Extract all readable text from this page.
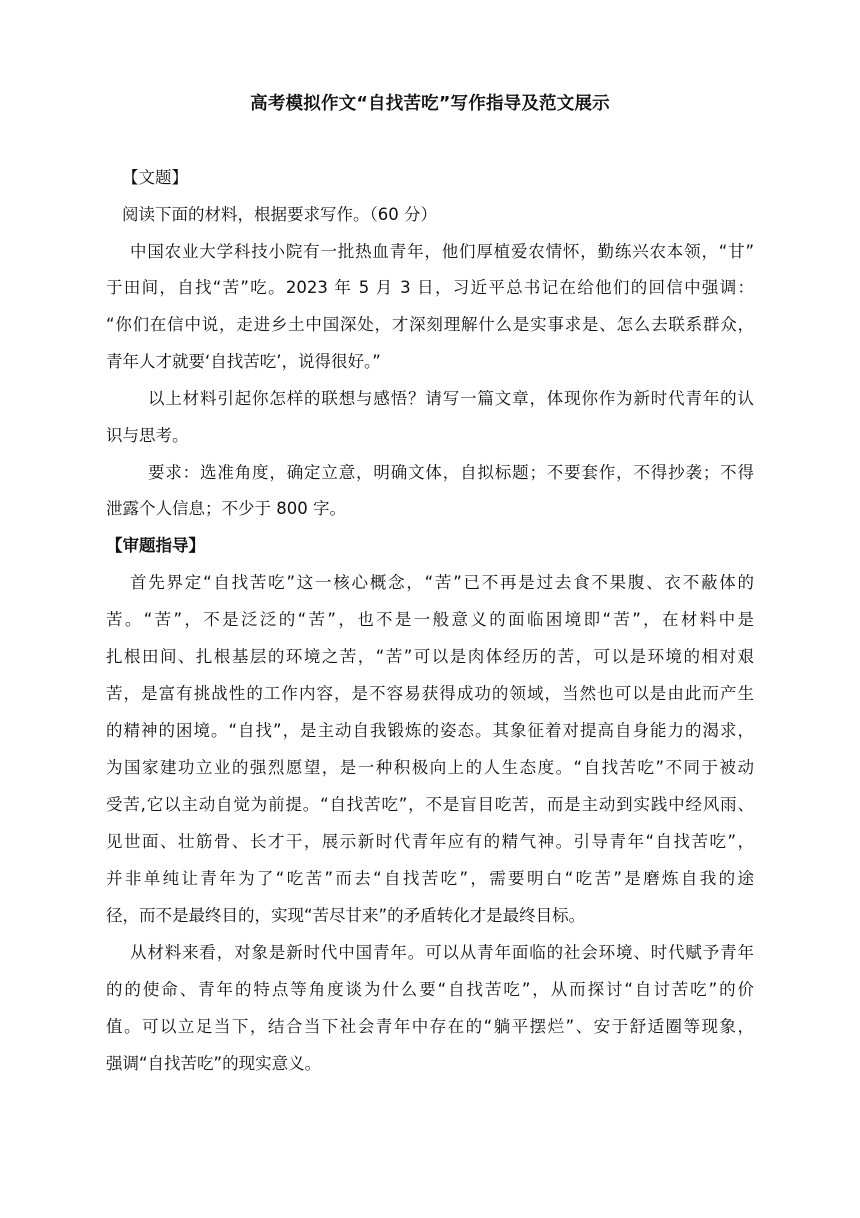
高考模拟作文“自找苦吃”写作指导及范文展示
【文题】
阅读下面的材料，根据要求写作。（60 分）
中国农业大学科技小院有一批热血青年，他们厚植爱农情怀，勤练兴农本领，“甘”
于田间，自找“苦”吃。2023 年 5 月 3 日，习近平总书记在给他们的回信中强调：
“你们在信中说，走进乡土中国深处，才深刻理解什么是实事求是、怎么去联系群众，
青年人才就要‘自找苦吃’，说得很好。”
以上材料引起你怎样的联想与感悟？请写一篇文章，体现你作为新时代青年的认
识与思考。
要求：选准角度，确定立意，明确文体，自拟标题；不要套作，不得抄袭；不得
泄露个人信息；不少于 800 字。
【审题指导】
首先界定“自找苦吃”这一核心概念，“苦”已不再是过去食不果腹、衣不蔽体的
苦。“苦”，不是泛泛的“苦”，也不是一般意义的面临困境即“苦”，在材料中是
扎根田间、扎根基层的环境之苦，“苦”可以是肉体经历的苦，可以是环境的相对艰
苦，是富有挑战性的工作内容，是不容易获得成功的领域，当然也可以是由此而产生
的精神的困境。“自找”，是主动自我锻炼的姿态。其象征着对提高自身能力的渴求，
为国家建功立业的强烈愿望，是一种积极向上的人生态度。“自找苦吃”不同于被动
受苦,它以主动自觉为前提。“自找苦吃”，不是盲目吃苦，而是主动到实践中经风雨、
见世面、壮筋骨、长才干，展示新时代青年应有的精气神。引导青年“自找苦吃”，
并非单纯让青年为了“吃苦”而去“自找苦吃”，需要明白“吃苦”是磨炼自我的途
径，而不是最终目的，实现“苦尽甘来”的矛盾转化才是最终目标。
从材料来看，对象是新时代中国青年。可以从青年面临的社会环境、时代赋予青年
的的使命、青年的特点等角度谈为什么要“自找苦吃”，从而探讨“自讨苦吃”的价
值。可以立足当下，结合当下社会青年中存在的“躺平摆烂”、安于舒适圈等现象，
强调“自找苦吃”的现实意义。
